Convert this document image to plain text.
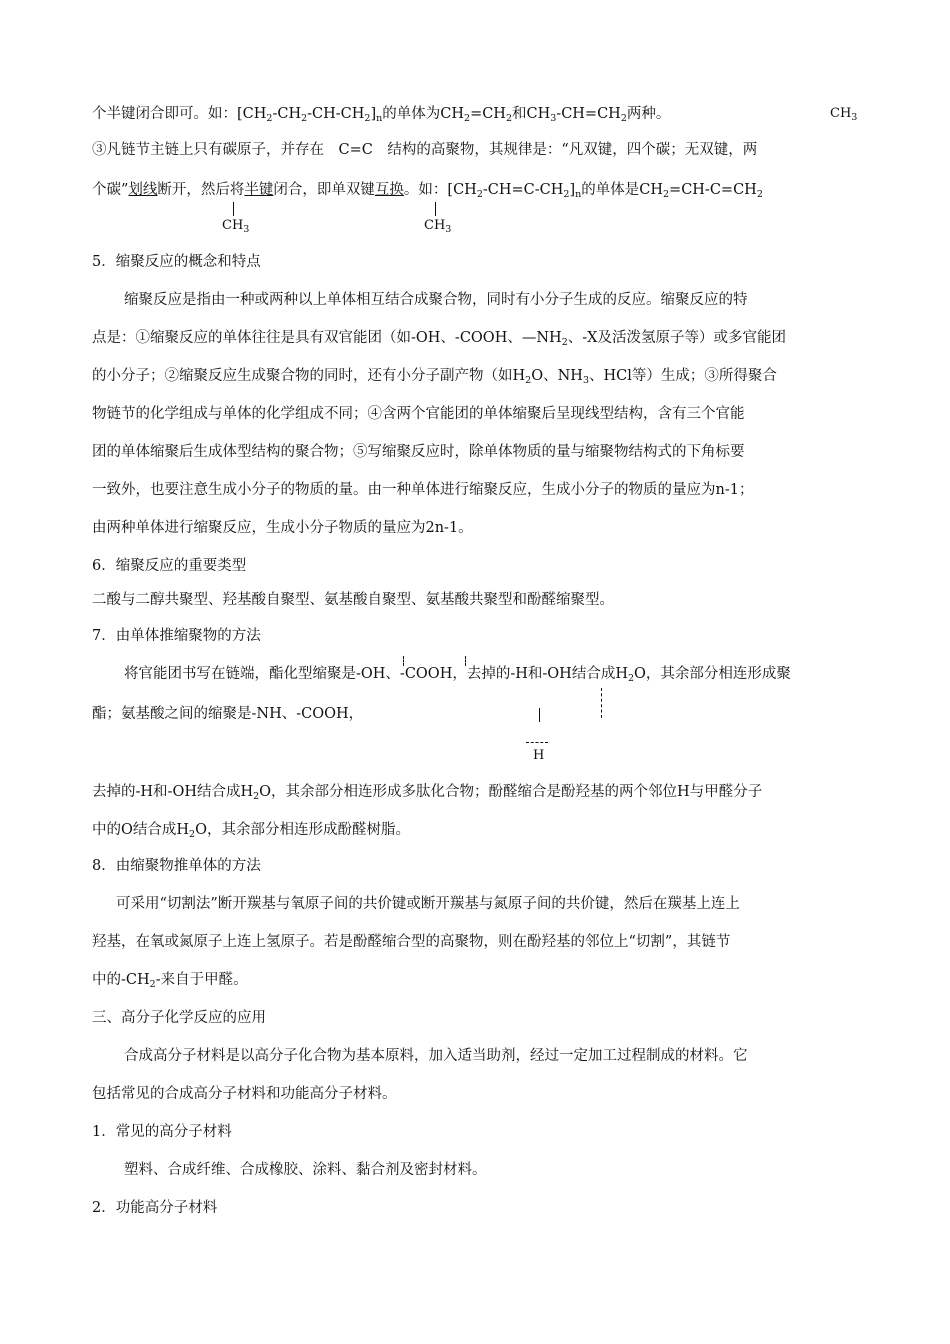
个半键闭合即可。如：$[CH_2-CH_2-CH-CH_2]_n$的单体为$CH_2=CH_2$和$CH_3-CH=CH_2$两种。	$CH_3$
③凡链节主链上只有碳原子，并存在　C=C　结构的高聚物，其规律是：“凡双键，四个碳；无双键，两
个碳”划线断开，然后将半键闭合，即单双键互换。如：$[CH_2-CH=C-CH_2]_n$的单体是$CH_2=CH-C=CH_2$
$CH_3$	$CH_3$
5．缩聚反应的概念和特点
缩聚反应是指由一种或两种以上单体相互结合成聚合物，同时有小分子生成的反应。缩聚反应的特
点是：①缩聚反应的单体往往是具有双官能团（如-OH、-COOH、$—NH_2$、-X及活泼氢原子等）或多官能团
的小分子；②缩聚反应生成聚合物的同时，还有小分子副产物（如$H_2O$、$NH_3$、HCl等）生成；③所得聚合
物链节的化学组成与单体的化学组成不同；④含两个官能团的单体缩聚后呈现线型结构，含有三个官能
团的单体缩聚后生成体型结构的聚合物；⑤写缩聚反应时，除单体物质的量与缩聚物结构式的下角标要
一致外，也要注意生成小分子的物质的量。由一种单体进行缩聚反应，生成小分子的物质的量应为n-1；
由两种单体进行缩聚反应，生成小分子物质的量应为2n-1。
6．缩聚反应的重要类型
二酸与二醇共聚型、羟基酸自聚型、氨基酸自聚型、氨基酸共聚型和酚醛缩聚型。
7．由单体推缩聚物的方法
将官能团书写在链端，酯化型缩聚是-OH、-COOH，去掉的-H和-OH结合成$H_2O$，其余部分相连形成聚
酯；氨基酸之间的缩聚是-NH、-COOH，
H
去掉的-H和-OH结合成$H_2O$，其余部分相连形成多肽化合物；酚醛缩合是酚羟基的两个邻位H与甲醛分子
中的O结合成$H_2O$，其余部分相连形成酚醛树脂。
8．由缩聚物推单体的方法
可采用“切割法”断开羰基与氧原子间的共价键或断开羰基与氮原子间的共价键，然后在羰基上连上
羟基，在氧或氮原子上连上氢原子。若是酚醛缩合型的高聚物，则在酚羟基的邻位上“切割”，其链节
中的$-CH_2-$来自于甲醛。
三、高分子化学反应的应用
合成高分子材料是以高分子化合物为基本原料，加入适当助剂，经过一定加工过程制成的材料。它
包括常见的合成高分子材料和功能高分子材料。
1．常见的高分子材料
塑料、合成纤维、合成橡胶、涂料、黏合剂及密封材料。
2．功能高分子材料
